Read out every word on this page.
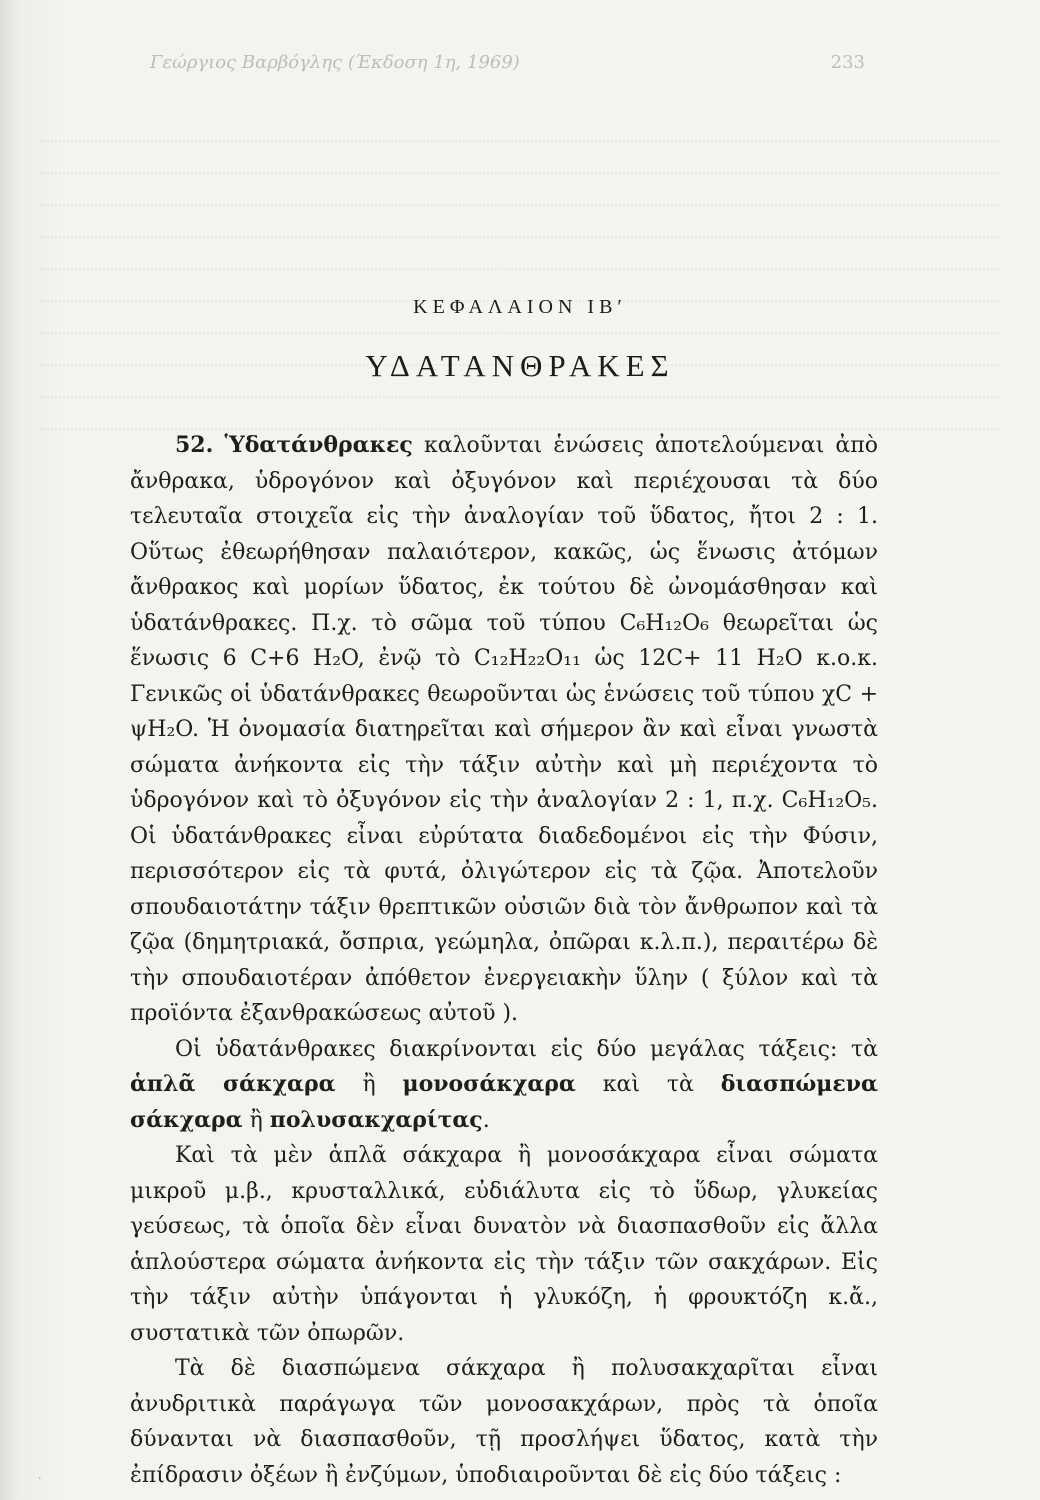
Γεώργιος Βαρβόγλης (Έκδοση 1η, 1969)	233
ΚΕΦΑΛΑΙΟΝ ΙΒ′
ΥΔΑΤΑΝΘΡΑΚΕΣ

52. Ὑδατάνθρακες καλοῦνται ἑνώσεις ἀποτελούμεναι ἀπὸ ἄνθρακα, ὑδρογόνον καὶ ὀξυγόνον καὶ περιέχουσαι τὰ δύο τελευταῖα στοιχεῖα εἰς τὴν ἀναλογίαν τοῦ ὕδατος, ἤτοι 2 : 1. Οὕτως ἐθεωρήθησαν παλαιότερον, κακῶς, ὡς ἕνωσις ἀτόμων ἄνθρακος καὶ μορίων ὕδατος, ἐκ τούτου δὲ ὠνομάσθησαν καὶ ὑδατάνθρακες. Π.χ. τὸ σῶμα τοῦ τύπου C₆H₁₂O₆ θεωρεῖται ὡς ἕνωσις 6 C+6 H₂O, ἐνῷ τὸ C₁₂H₂₂O₁₁ ὡς 12C+ 11 H₂O κ.ο.κ. Γενικῶς οἱ ὑδατάνθρακες θεωροῦνται ὡς ἑνώσεις τοῦ τύπου χC + ψH₂O. Ἡ ὀνομασία διατηρεῖται καὶ σήμερον ἂν καὶ εἶναι γνωστὰ σώματα ἀνήκοντα εἰς τὴν τάξιν αὐτὴν καὶ μὴ περιέχοντα τὸ ὑδρογόνον καὶ τὸ ὀξυγόνον εἰς τὴν ἀναλογίαν 2 : 1, π.χ. C₆H₁₂O₅. Οἱ ὑδατάνθρακες εἶναι εὐρύτατα διαδεδομένοι εἰς τὴν Φύσιν, περισσότερον εἰς τὰ φυτά, ὀλιγώτερον εἰς τὰ ζῷα. Ἀποτελοῦν σπουδαιοτάτην τάξιν θρεπτικῶν οὐσιῶν διὰ τὸν ἄνθρωπον καὶ τὰ ζῷα (δημητριακά, ὄσπρια, γεώμηλα, ὀπῶραι κ.λ.π.), περαιτέρω δὲ τὴν σπουδαιοτέραν ἀπόθετον ἐνεργειακὴν ὕλην ( ξύλον καὶ τὰ προϊόντα ἐξανθρακώσεως αὐτοῦ ).

Οἱ ὑδατάνθρακες διακρίνονται εἰς δύο μεγάλας τάξεις: τὰ ἁπλᾶ σάκχαρα ἢ μονοσάκχαρα καὶ τὰ διασπώμενα σάκχαρα ἢ πολυσακχαρίτας.

Καὶ τὰ μὲν ἁπλᾶ σάκχαρα ἢ μονοσάκχαρα εἶναι σώματα μικροῦ μ.β., κρυσταλλικά, εὐδιάλυτα εἰς τὸ ὕδωρ, γλυκείας γεύσεως, τὰ ὁποῖα δὲν εἶναι δυνατὸν νὰ διασπασθοῦν εἰς ἄλλα ἁπλούστερα σώματα ἀνήκοντα εἰς τὴν τάξιν τῶν σακχάρων. Εἰς τὴν τάξιν αὐτὴν ὑπάγονται ἡ γλυκόζη, ἡ φρουκτόζη κ.ἄ., συστατικὰ τῶν ὀπωρῶν.

Τὰ δὲ διασπώμενα σάκχαρα ἢ πολυσακχαρῖται εἶναι ἀνυδριτικὰ παράγωγα τῶν μονοσακχάρων, πρὸς τὰ ὁποῖα δύνανται νὰ διασπασθοῦν, τῇ προσλήψει ὕδατος, κατὰ τὴν ἐπίδρασιν ὀξέων ἢ ἐνζύμων, ὑποδιαιροῦνται δὲ εἰς δύο τάξεις :

·
